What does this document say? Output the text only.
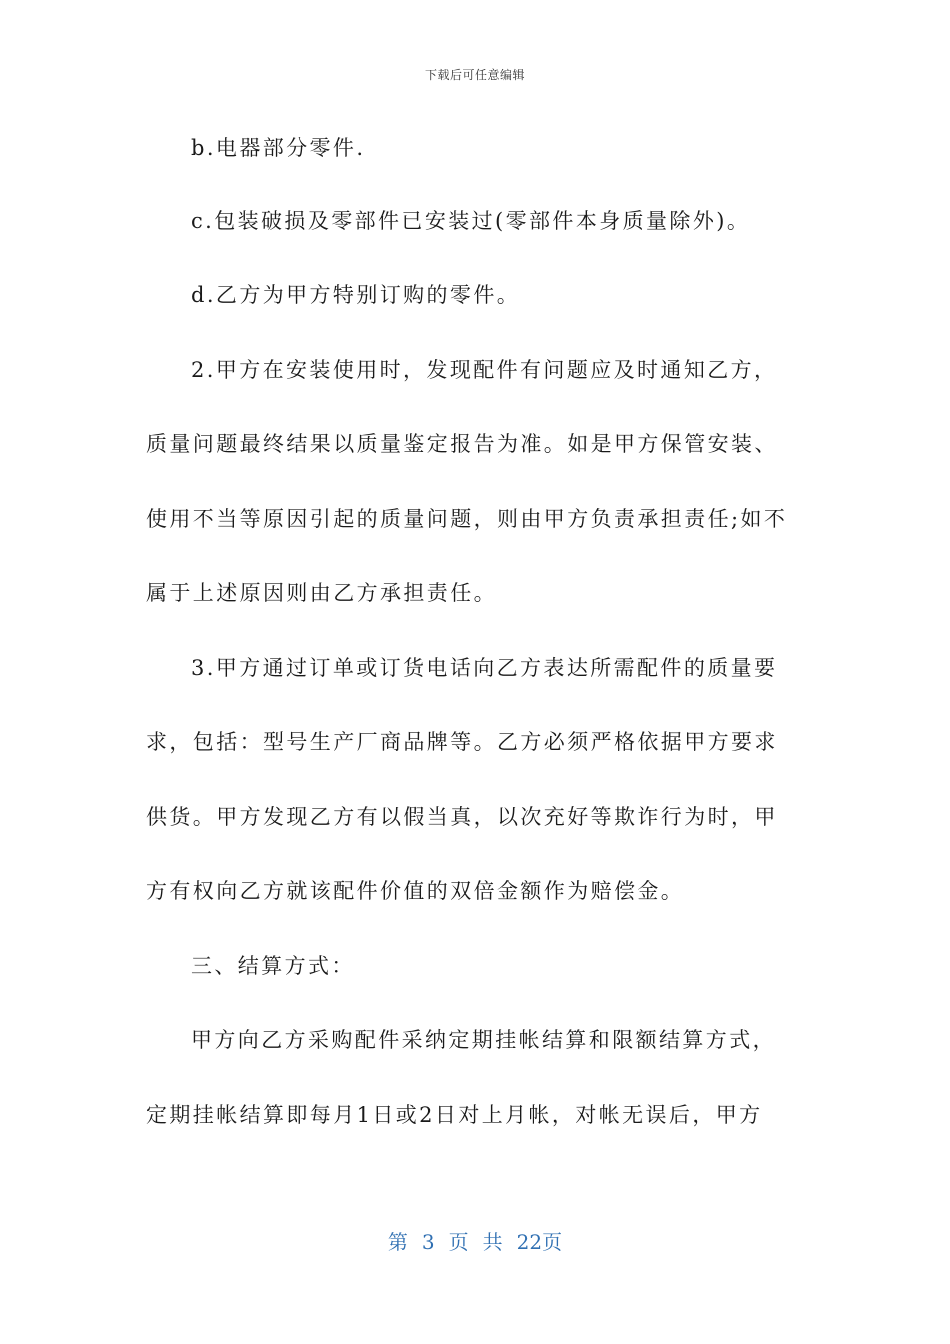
下载后可任意编辑
b.电器部分零件.
c.包装破损及零部件已安装过(零部件本身质量除外)。
d.乙方为甲方特别订购的零件。
2.甲方在安装使用时，发现配件有问题应及时通知乙方，
质量问题最终结果以质量鉴定报告为准。如是甲方保管安装、
使用不当等原因引起的质量问题，则由甲方负责承担责任;如不
属于上述原因则由乙方承担责任。
3.甲方通过订单或订货电话向乙方表达所需配件的质量要
求，包括：型号生产厂商品牌等。乙方必须严格依据甲方要求
供货。甲方发现乙方有以假当真，以次充好等欺诈行为时，甲
方有权向乙方就该配件价值的双倍金额作为赔偿金。
三、结算方式：
甲方向乙方采购配件采纳定期挂帐结算和限额结算方式，
定期挂帐结算即每月1日或2日对上月帐，对帐无误后，甲方
第 3 页 共 22页
